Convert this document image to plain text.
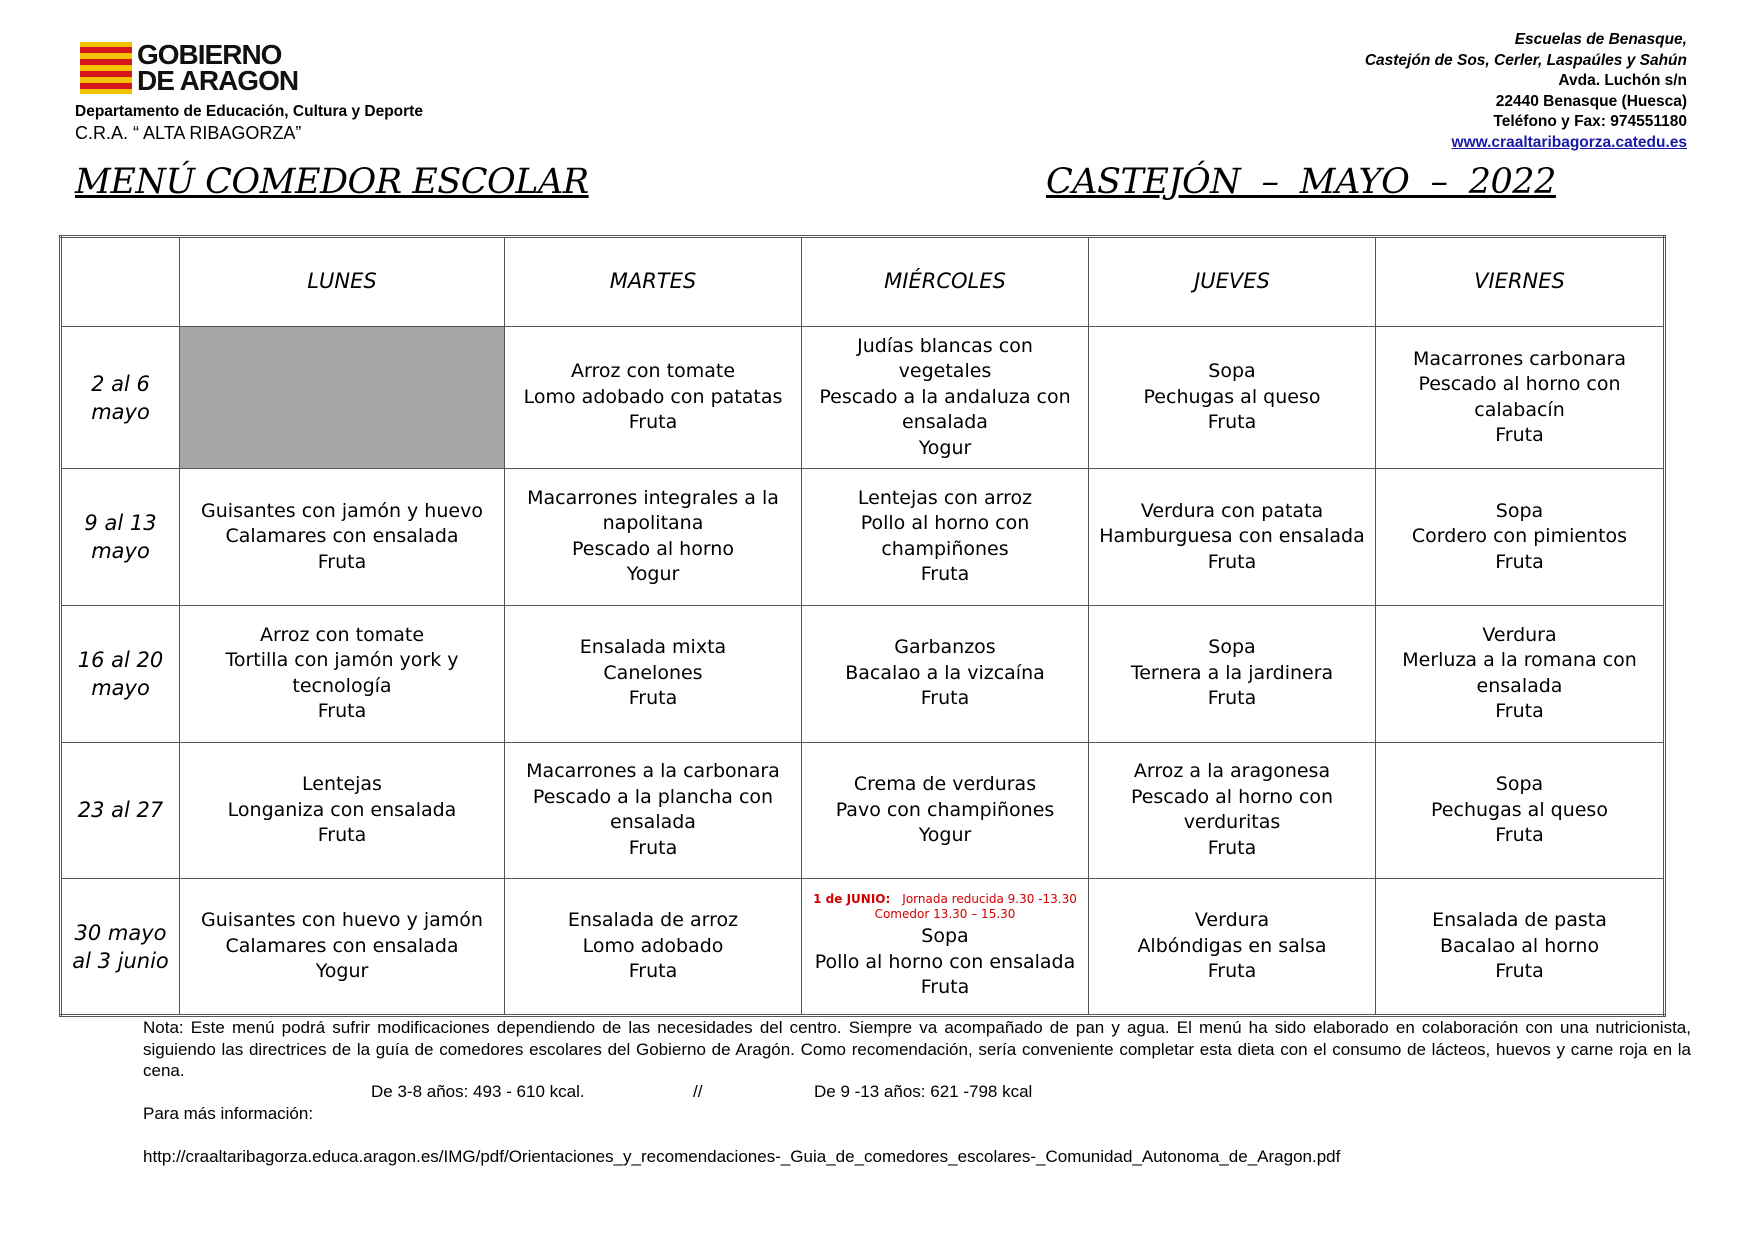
GOBIERNO
DE ARAGON
Departamento de Educación, Cultura y Deporte
C.R.A. “ ALTA RIBAGORZA”
Escuelas de Benasque,
Castejón de Sos, Cerler, Laspaúles y Sahún
Avda. Luchón s/n
22440 Benasque (Huesca)
Teléfono y Fax: 974551180
www.craaltaribagorza.catedu.es
MENÚ COMEDOR ESCOLAR	CASTEJÓN  –  MAYO  –  2022
	LUNES	MARTES	MIÉRCOLES	JUEVES	VIERNES

2 al 6
mayo		Arroz con tomate
Lomo adobado con patatas
Fruta	Judías blancas con vegetales
Pescado a la andaluza con
ensalada
Yogur	Sopa
Pechugas al queso
Fruta	Macarrones carbonara
Pescado al horno con
calabacín
Fruta

9 al 13
mayo	Guisantes con jamón y huevo
Calamares con ensalada
Fruta	Macarrones integrales a la
napolitana
Pescado al horno
Yogur	Lentejas con arroz
Pollo al horno con
champiñones
Fruta	Verdura con patata
Hamburguesa con ensalada
Fruta	Sopa
Cordero con pimientos
Fruta

16 al 20
mayo	Arroz con tomate
Tortilla con jamón york y
tecnología
Fruta	Ensalada mixta
Canelones
Fruta	Garbanzos
Bacalao a la vizcaína
Fruta	Sopa
Ternera a la jardinera
Fruta	Verdura
Merluza a la romana con
ensalada
Fruta

23 al 27	Lentejas
Longaniza con ensalada
Fruta	Macarrones a la carbonara
Pescado a la plancha con
ensalada
Fruta	Crema de verduras
Pavo con champiñones
Yogur	Arroz a la aragonesa
Pescado al horno con
verduritas
Fruta	Sopa
Pechugas al queso
Fruta

30 mayo
al 3 junio	Guisantes con huevo y jamón
Calamares con ensalada
Yogur	Ensalada de arroz
Lomo adobado
Fruta	1 de JUNIO: Jornada reducida 9.30 -13.30
Comedor 13.30 – 15.30
Sopa
Pollo al horno con ensalada
Fruta	Verdura
Albóndigas en salsa
Fruta	Ensalada de pasta
Bacalao al horno
Fruta
Nota: Este menú podrá sufrir modificaciones dependiendo de las necesidades del centro. Siempre va acompañado de pan y agua. El menú ha sido elaborado en colaboración con una nutricionista, siguiendo las directrices de la guía de comedores escolares del Gobierno de Aragón. Como recomendación, sería conveniente completar esta dieta con el consumo de lácteos, huevos y carne roja en la cena.
De 3-8 años: 493 - 610 kcal.	//	De 9 -13 años: 621 -798 kcal
Para más información:
http://craaltaribagorza.educa.aragon.es/IMG/pdf/Orientaciones_y_recomendaciones-_Guia_de_comedores_escolares-_Comunidad_Autonoma_de_Aragon.pdf
